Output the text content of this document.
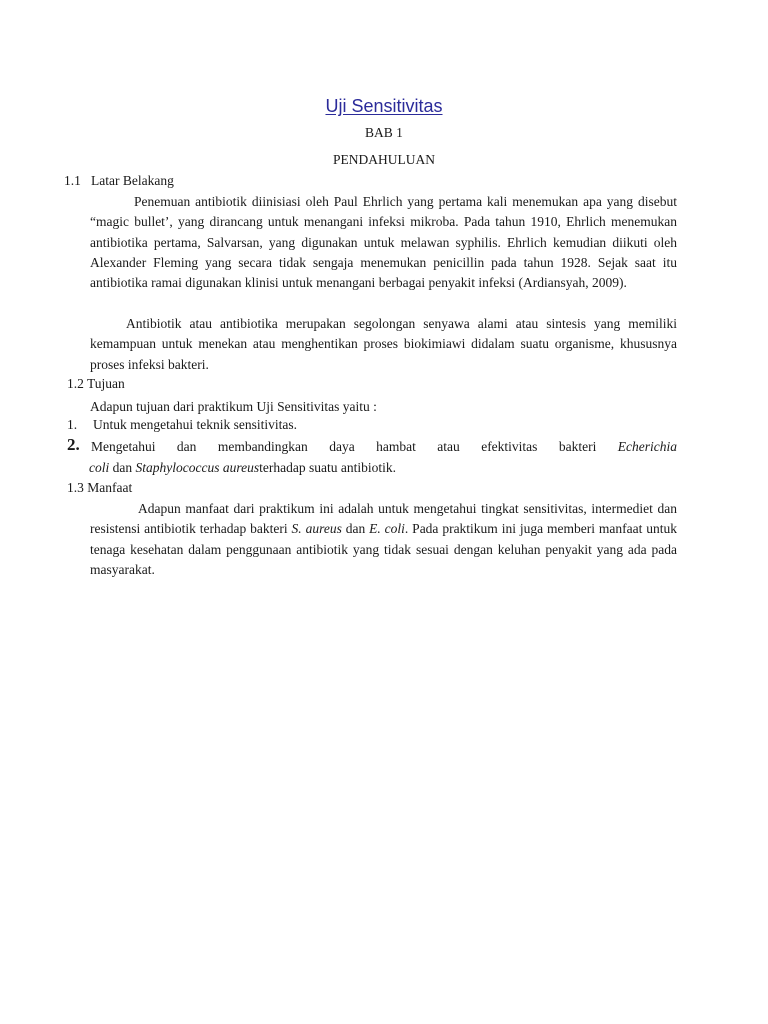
Uji Sensitivitas
BAB 1
PENDAHULUAN
1.1 Latar Belakang

Penemuan antibiotik diinisiasi oleh Paul Ehrlich yang pertama kali menemukan apa yang disebut “magic bullet’, yang dirancang untuk menangani infeksi mikroba. Pada tahun 1910, Ehrlich menemukan antibiotika pertama, Salvarsan, yang digunakan untuk melawan syphilis. Ehrlich kemudian diikuti oleh Alexander Fleming yang secara tidak sengaja menemukan penicillin pada tahun 1928. Sejak saat itu antibiotika ramai digunakan klinisi untuk menangani berbagai penyakit infeksi (Ardiansyah, 2009).

Antibiotik atau antibiotika merupakan segolongan senyawa alami atau sintesis yang memiliki kemampuan untuk menekan atau menghentikan proses biokimiawi didalam suatu organisme, khususnya proses infeksi bakteri.

1.2 Tujuan

Adapun tujuan dari praktikum Uji Sensitivitas yaitu :

1. Untuk mengetahui teknik sensitivitas.
2. Mengetahui dan membandingkan daya hambat atau efektivitas bakteri Echerichia
coli dan Staphylococcus aureusterhadap suatu antibiotik.
1.3 Manfaat

Adapun manfaat dari praktikum ini adalah untuk mengetahui tingkat sensitivitas, intermediet dan resistensi antibiotik terhadap bakteri S. aureus dan E. coli. Pada praktikum ini juga memberi manfaat untuk tenaga kesehatan dalam penggunaan antibiotik yang tidak sesuai dengan keluhan penyakit yang ada pada masyarakat.
